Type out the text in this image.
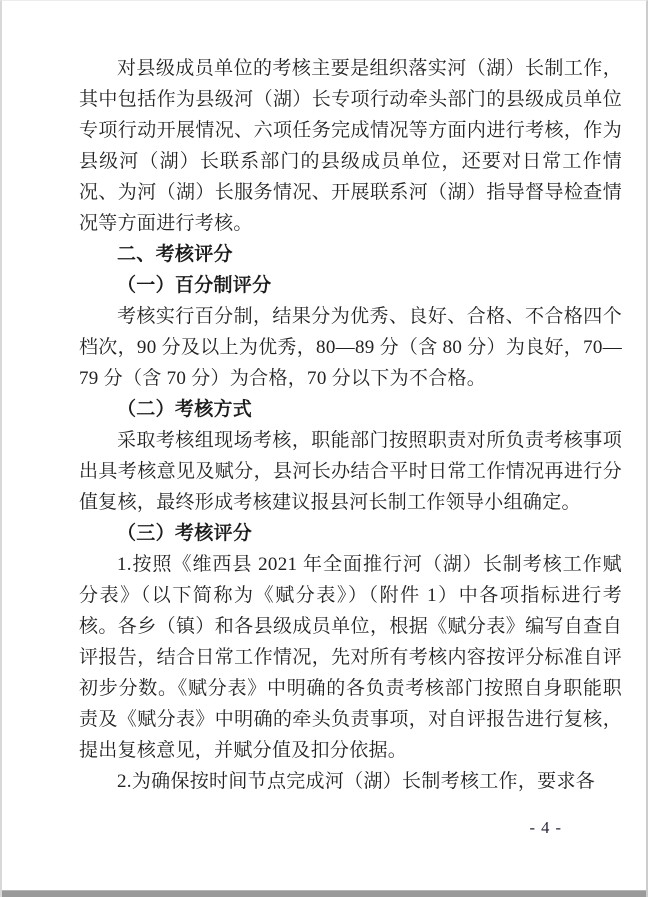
对县级成员单位的考核主要是组织落实河（湖）长制工作，其中包括作为县级河（湖）长专项行动牵头部门的县级成员单位专项行动开展情况、六项任务完成情况等方面内进行考核，作为县级河（湖）长联系部门的县级成员单位，还要对日常工作情况、为河（湖）长服务情况、开展联系河（湖）指导督导检查情况等方面进行考核。

二、考核评分

（一）百分制评分

考核实行百分制，结果分为优秀、良好、合格、不合格四个档次，90 分及以上为优秀，80—89 分（含 80 分）为良好，70—79 分（含 70 分）为合格，70 分以下为不合格。

（二）考核方式

采取考核组现场考核，职能部门按照职责对所负责考核事项出具考核意见及赋分，县河长办结合平时日常工作情况再进行分值复核，最终形成考核建议报县河长制工作领导小组确定。

（三）考核评分

1.按照《维西县 2021 年全面推行河（湖）长制考核工作赋分表》（以下简称为《赋分表》）（附件 1）中各项指标进行考核。各乡（镇）和各县级成员单位，根据《赋分表》编写自查自评报告，结合日常工作情况，先对所有考核内容按评分标准自评初步分数。《赋分表》中明确的各负责考核部门按照自身职能职责及《赋分表》中明确的牵头负责事项，对自评报告进行复核，提出复核意见，并赋分值及扣分依据。

2.为确保按时间节点完成河（湖）长制考核工作，要求各

- 4 -
